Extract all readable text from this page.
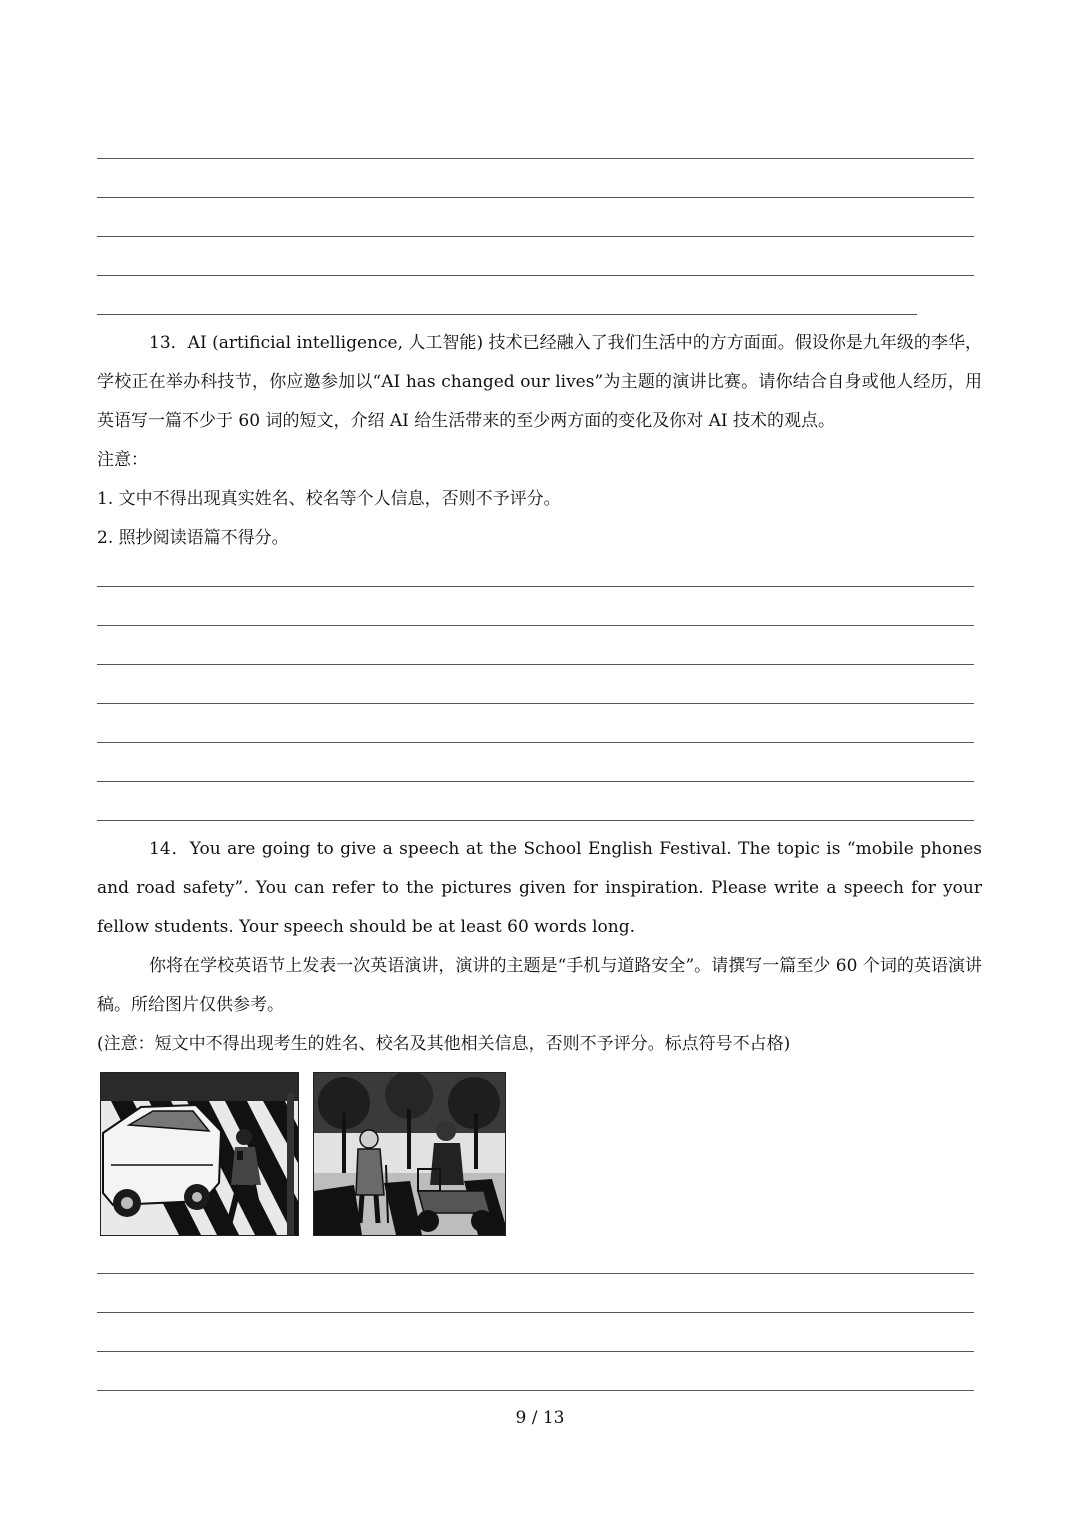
13．AI (artificial intelligence, 人工智能) 技术已经融入了我们生活中的方方面面。假设你是九年级的李华，学校正在举办科技节，你应邀参加以“AI has changed our lives”为主题的演讲比赛。请你结合自身或他人经历，用英语写一篇不少于 60 词的短文，介绍 AI 给生活带来的至少两方面的变化及你对 AI 技术的观点。

注意：
1. 文中不得出现真实姓名、校名等个人信息，否则不予评分。
2. 照抄阅读语篇不得分。

14．You are going to give a speech at the School English Festival. The topic is “mobile phones and road safety”. You can refer to the pictures given for inspiration. Please write a speech for your fellow students. Your speech should be at least 60 words long.

你将在学校英语节上发表一次英语演讲，演讲的主题是“手机与道路安全”。请撰写一篇至少 60 个词的英语演讲稿。所给图片仅供参考。

(注意：短文中不得出现考生的姓名、校名及其他相关信息，否则不予评分。标点符号不占格)
9 / 13
